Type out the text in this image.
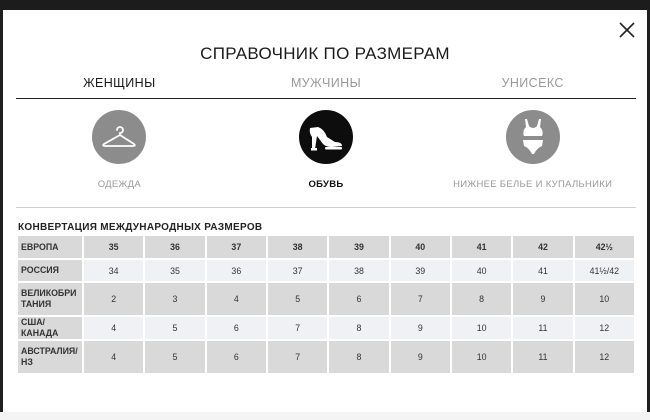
СПРАВОЧНИК ПО РАЗМЕРАМ
ЖЕНЩИНЫ	МУЖЧИНЫ	УНИСЕКС
ОДЕЖДА	ОБУВЬ	НИЖНЕЕ БЕЛЬЕ И КУПАЛЬНИКИ
КОНВЕРТАЦИЯ МЕЖДУНАРОДНЫХ РАЗМЕРОВ
ЕВРОПА	35	36	37	38	39	40	41	42	42½
РОССИЯ	34	35	36	37	38	39	40	41	41½/42
ВЕЛИКОБРИТАНИЯ	2	3	4	5	6	7	8	9	10
США/КАНАДА	4	5	6	7	8	9	10	11	12
АВСТРАЛИЯ/НЗ	4	5	6	7	8	9	10	11	12
